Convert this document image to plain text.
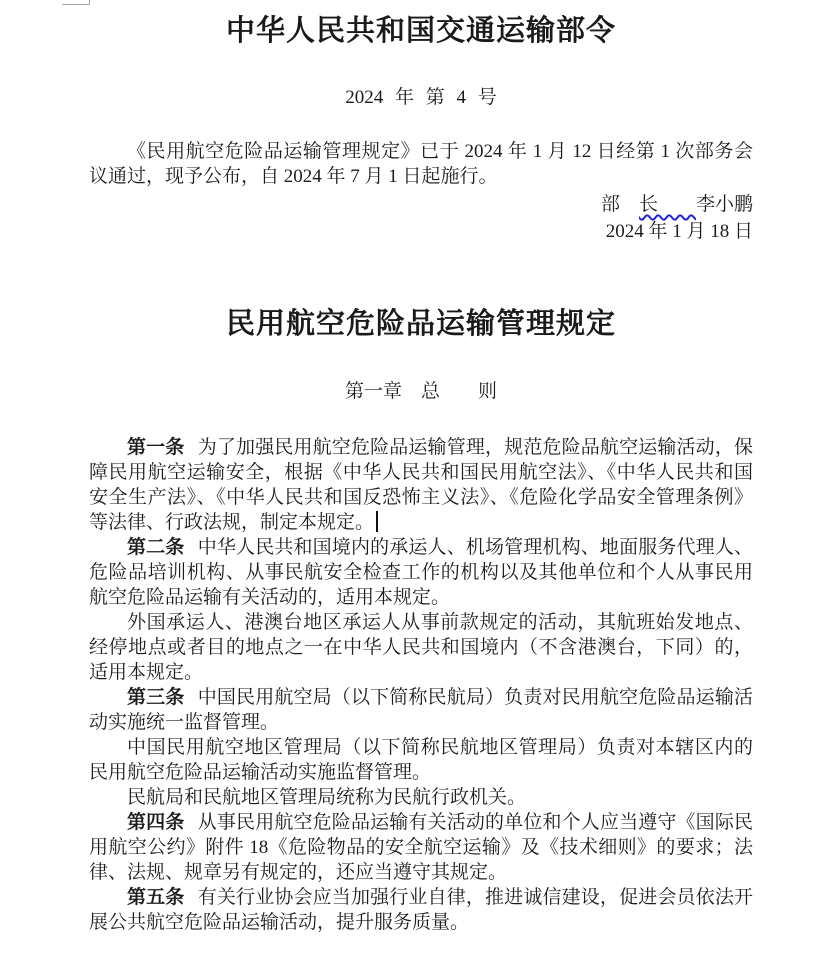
中华人民共和国交通运输部令
2024 年 第 4 号

《民用航空危险品运输管理规定》已于 2024 年 1 月 12 日经第 1 次部务会议通过，现予公布，自 2024 年 7 月 1 日起施行。

部　长　　李小鹏
2024 年 1 月 18 日
民用航空危险品运输管理规定
第一章　总　　则

第一条 为了加强民用航空危险品运输管理，规范危险品航空运输活动，保障民用航空运输安全，根据《中华人民共和国民用航空法》、《中华人民共和国安全生产法》、《中华人民共和国反恐怖主义法》、《危险化学品安全管理条例》等法律、行政法规，制定本规定。

第二条 中华人民共和国境内的承运人、机场管理机构、地面服务代理人、危险品培训机构、从事民航安全检查工作的机构以及其他单位和个人从事民用航空危险品运输有关活动的，适用本规定。

外国承运人、港澳台地区承运人从事前款规定的活动，其航班始发地点、经停地点或者目的地点之一在中华人民共和国境内（不含港澳台，下同）的，适用本规定。

第三条 中国民用航空局（以下简称民航局）负责对民用航空危险品运输活动实施统一监督管理。

中国民用航空地区管理局（以下简称民航地区管理局）负责对本辖区内的民用航空危险品运输活动实施监督管理。

民航局和民航地区管理局统称为民航行政机关。

第四条 从事民用航空危险品运输有关活动的单位和个人应当遵守《国际民用航空公约》附件 18《危险物品的安全航空运输》及《技术细则》的要求；法律、法规、规章另有规定的，还应当遵守其规定。

第五条 有关行业协会应当加强行业自律，推进诚信建设，促进会员依法开展公共航空危险品运输活动，提升服务质量。
